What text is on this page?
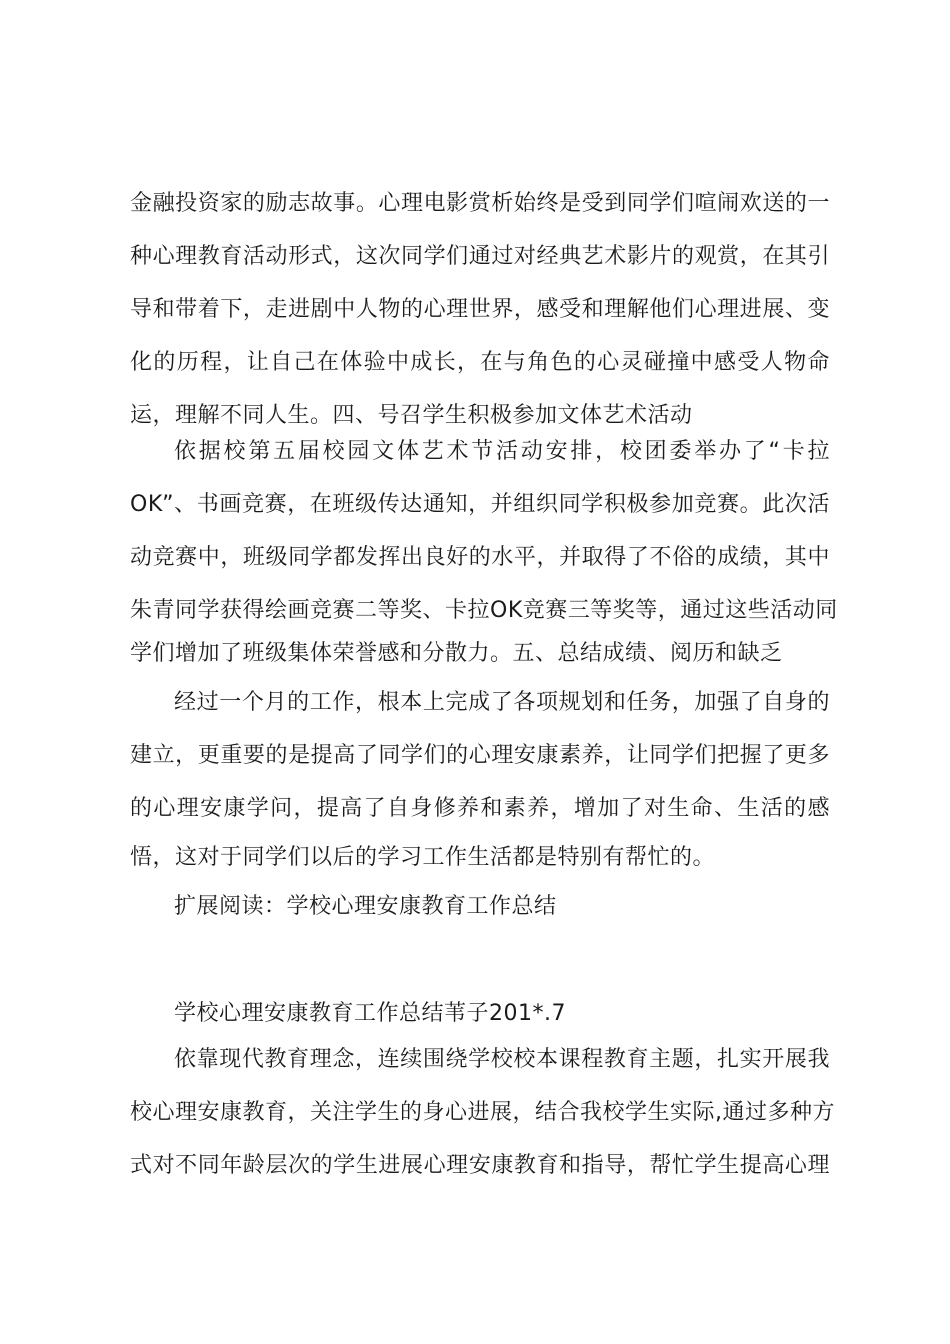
金融投资家的励志故事。心理电影赏析始终是受到同学们喧闹欢送的一
种心理教育活动形式，这次同学们通过对经典艺术影片的观赏，在其引
导和带着下，走进剧中人物的心理世界，感受和理解他们心理进展、变
化的历程，让自己在体验中成长，在与角色的心灵碰撞中感受人物命
运，理解不同人生。四、号召学生积极参加文体艺术活动
依据校第五届校园文体艺术节活动安排，校团委举办了“卡拉
OK”、书画竞赛，在班级传达通知，并组织同学积极参加竞赛。此次活
动竞赛中，班级同学都发挥出良好的水平，并取得了不俗的成绩，其中
朱青同学获得绘画竞赛二等奖、卡拉OK竞赛三等奖等，通过这些活动同
学们增加了班级集体荣誉感和分散力。五、总结成绩、阅历和缺乏
经过一个月的工作，根本上完成了各项规划和任务，加强了自身的
建立，更重要的是提高了同学们的心理安康素养，让同学们把握了更多
的心理安康学问，提高了自身修养和素养，增加了对生命、生活的感
悟，这对于同学们以后的学习工作生活都是特别有帮忙的。
扩展阅读：学校心理安康教育工作总结
学校心理安康教育工作总结苇子201*.7
依靠现代教育理念，连续围绕学校校本课程教育主题，扎实开展我
校心理安康教育，关注学生的身心进展，结合我校学生实际,通过多种方
式对不同年龄层次的学生进展心理安康教育和指导，帮忙学生提高心理
